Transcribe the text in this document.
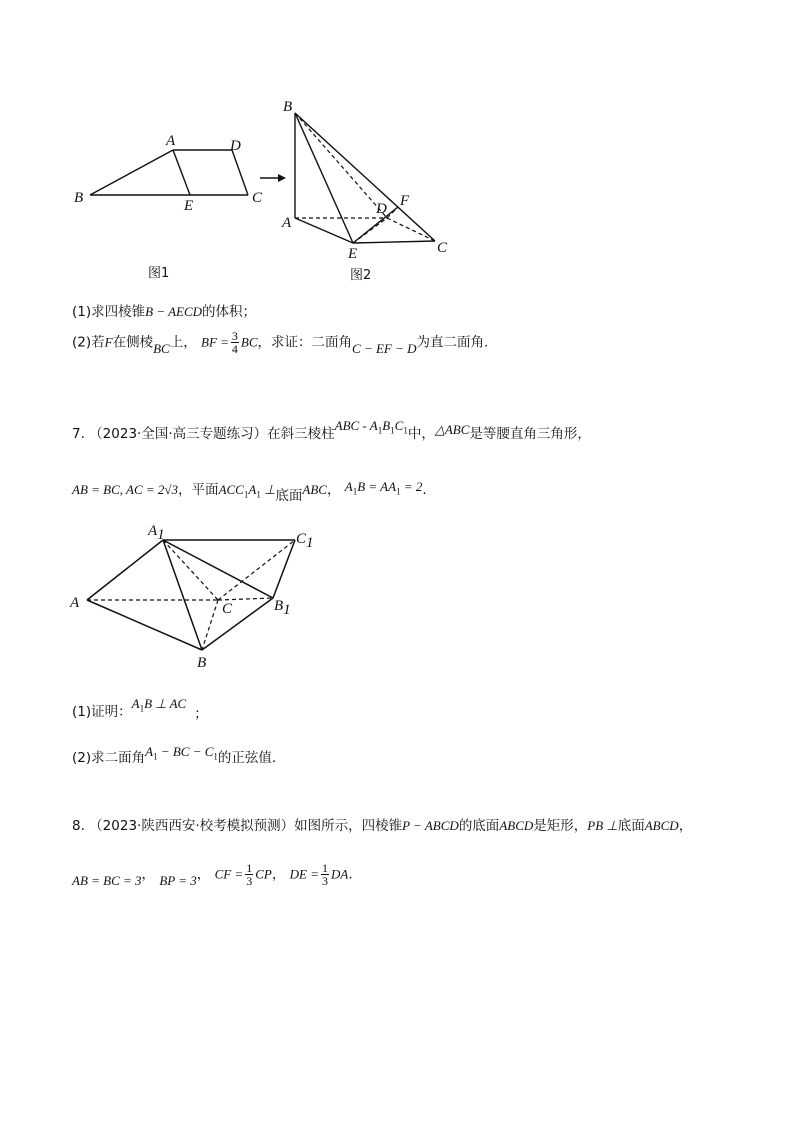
A	D
B	E	C
图1
B
A
D F
E	C
图2
(1)求四棱锥B − AECD的体积；
(2)若F在侧棱BC上， BF = $\frac{3}{4}$ BC，求证：二面角C − EF − D为直二面角.
7. （2023·全国·高三专题练习）在斜三棱柱ABC - $A_1B_1C_1$中，△ABC是等腰直角三角形，
AB = BC, AC = 2√3，平面$ACC_1A_1$ ⊥底面ABC， $A_1B = AA_1 = 2$.
A1	C1
A	C	B1
B
(1)证明：$A_1B$ ⊥ AC；
(2)求二面角$A_1$ − BC − $C_1$的正弦值.
8. （2023·陕西西安·校考模拟预测）如图所示，四棱锥P − ABCD的底面ABCD是矩形，PB ⊥底面ABCD，
AB = BC = 3， BP = 3， CF = $\frac{1}{3}$ CP， DE = $\frac{1}{3}$ DA.
